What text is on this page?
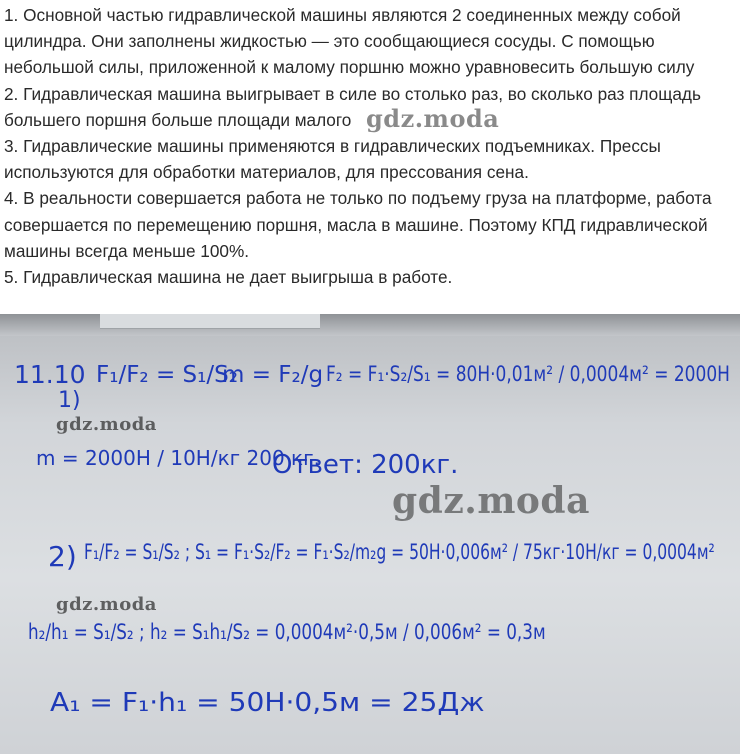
1. Основной частью гидравлической машины являются 2 соединенных между собой
цилиндра. Они заполнены жидкостью — это сообщающиеся сосуды. С помощью
небольшой силы, приложенной к малому поршню можно уравновесить большую силу
2. Гидравлическая машина выигрывает в силе во столько раз, во сколько раз площадь
большего поршня больше площади малого
3. Гидравлические машины применяются в гидравлических подъемниках. Прессы
используются для обработки материалов, для прессования сена.
4. В реальности совершается работа не только по подъему груза на платформе, работа
совершается по перемещению поршня, масла в машине. Поэтому КПД гидравлической
машины всегда меньше 100%.
5. Гидравлическая машина не дает выигрыша в работе.
gdz.moda
11.10
1)
F₁/F₂ = S₁/S₂
m = F₂/g F₂ = F₁·S₂/S₁ = 80Н·0,01м² / 0,0004м² = 2000Н
m = 2000Н / 10Н/кг 200 кг.
Ответ: 200кг.
2) F₁/F₂ = S₁/S₂ ; S₁ = F₁·S₂/F₂ = F₁·S₂/m₂g = 50Н·0,006м² / 75кг·10Н/кг = 0,0004м²
h₂/h₁ = S₁/S₂ ; h₂ = S₁h₁/S₂ = 0,0004м²·0,5м / 0,006м² = 0,3м
A₁ = F₁·h₁ = 50Н·0,5м = 25Дж
gdz.moda
gdz.moda
gdz.moda
